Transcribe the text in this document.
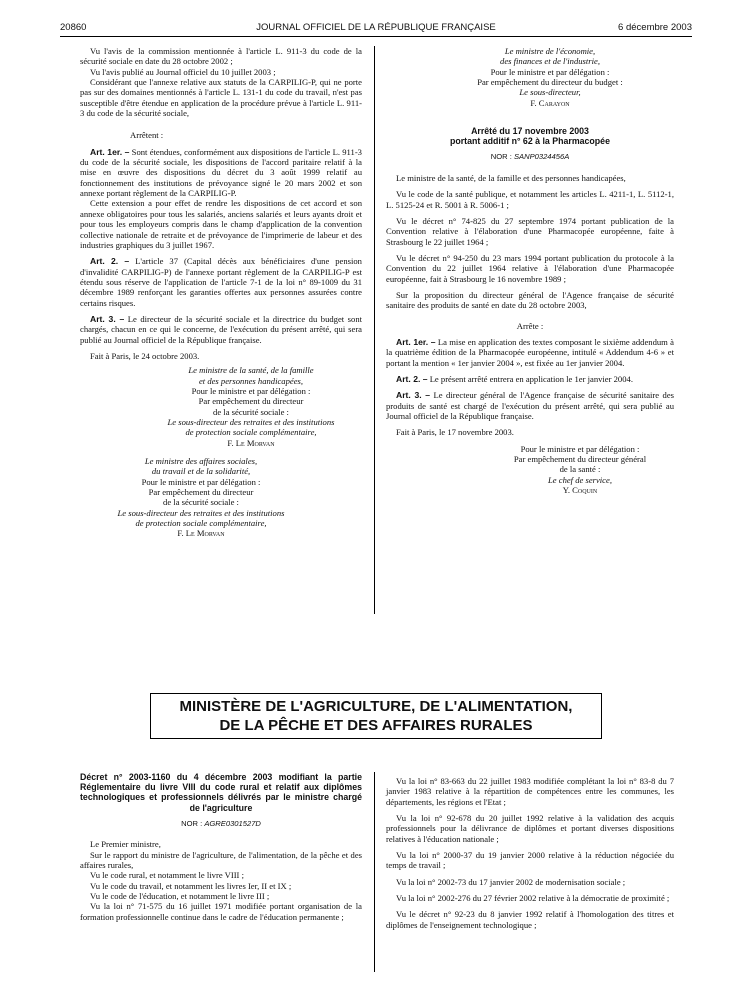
20860	JOURNAL OFFICIEL DE LA RÉPUBLIQUE FRANÇAISE	6 décembre 2003

Vu l'avis de la commission mentionnée à l'article L. 911-3 du code de la sécurité sociale en date du 28 octobre 2002 ;

Vu l'avis publié au Journal officiel du 10 juillet 2003 ;

Considérant que l'annexe relative aux statuts de la CARPILIG-P, qui ne porte pas sur des domaines mentionnés à l'article L. 131-1 du code du travail, n'est pas susceptible d'être étendue en application de la procédure prévue à l'article L. 911-3 du code de la sécurité sociale,

Arrêtent :

Art. 1er. – Sont étendues, conformément aux dispositions de l'article L. 911-3 du code de la sécurité sociale, les dispositions de l'accord paritaire relatif à la mise en œuvre des dispositions du décret du 3 août 1999 relatif au fonctionnement des institutions de prévoyance signé le 20 mars 2002 et son annexe portant règlement de la CARPILIG-P.

Cette extension a pour effet de rendre les dispositions de cet accord et son annexe obligatoires pour tous les salariés, anciens salariés et leurs ayants droit et pour tous les employeurs compris dans le champ d'application de la convention collective nationale de retraite et de prévoyance de l'imprimerie de labeur et des industries graphiques du 3 juillet 1967.

Art. 2. – L'article 37 (Capital décès aux bénéficiaires d'une pension d'invalidité CARPILIG-P) de l'annexe portant règlement de la CARPILIG-P est étendu sous réserve de l'application de l'article 7-1 de la loi n° 89-1009 du 31 décembre 1989 renforçant les garanties offertes aux personnes assurées contre certains risques.

Art. 3. – Le directeur de la sécurité sociale et la directrice du budget sont chargés, chacun en ce qui le concerne, de l'exécution du présent arrêté, qui sera publié au Journal officiel de la République française.

Fait à Paris, le 24 octobre 2003.

Le ministre de la santé, de la famille

et des personnes handicapées,

Pour le ministre et par délégation :

Par empêchement du directeur

de la sécurité sociale :

Le sous-directeur des retraites et des institutions

de protection sociale complémentaire,

F. Le Morvan

Le ministre des affaires sociales,

du travail et de la solidarité,

Pour le ministre et par délégation :

Par empêchement du directeur

de la sécurité sociale :

Le sous-directeur des retraites et des institutions

de protection sociale complémentaire,

F. Le Morvan

Le ministre de l'économie,

des finances et de l'industrie,

Pour le ministre et par délégation :

Par empêchement du directeur du budget :

Le sous-directeur,

F. Carayon

Arrêté du 17 novembre 2003

portant additif n° 62 à la Pharmacopée

NOR : SANP0324456A

Le ministre de la santé, de la famille et des personnes handicapées,

Vu le code de la santé publique, et notamment les articles L. 4211-1, L. 5112-1, L. 5125-24 et R. 5001 à R. 5006-1 ;

Vu le décret n° 74-825 du 27 septembre 1974 portant publication de la Convention relative à l'élaboration d'une Pharmacopée européenne, faite à Strasbourg le 22 juillet 1964 ;

Vu le décret n° 94-250 du 23 mars 1994 portant publication du protocole à la Convention du 22 juillet 1964 relative à l'élaboration d'une Pharmacopée européenne, fait à Strasbourg le 16 novembre 1989 ;

Sur la proposition du directeur général de l'Agence française de sécurité sanitaire des produits de santé en date du 28 octobre 2003,

Arrête :

Art. 1er. – La mise en application des textes composant le sixième addendum à la quatrième édition de la Pharmacopée européenne, intitulé « Addendum 4-6 » et portant la mention « 1er janvier 2004 », est fixée au 1er janvier 2004.

Art. 2. – Le présent arrêté entrera en application le 1er janvier 2004.

Art. 3. – Le directeur général de l'Agence française de sécurité sanitaire des produits de santé est chargé de l'exécution du présent arrêté, qui sera publié au Journal officiel de la République française.

Fait à Paris, le 17 novembre 2003.

Pour le ministre et par délégation :

Par empêchement du directeur général

de la santé :

Le chef de service,

Y. Coquin

MINISTÈRE DE L'AGRICULTURE, DE L'ALIMENTATION,
DE LA PÊCHE ET DES AFFAIRES RURALES

Décret n° 2003-1160 du 4 décembre 2003 modifiant la partie Réglementaire du livre VIII du code rural et relatif aux diplômes technologiques et professionnels délivrés par le ministre chargé de l'agriculture

NOR : AGRE0301527D

Le Premier ministre,

Sur le rapport du ministre de l'agriculture, de l'alimentation, de la pêche et des affaires rurales,

Vu le code rural, et notamment le livre VIII ;

Vu le code du travail, et notamment les livres Ier, II et IX ;

Vu le code de l'éducation, et notamment le livre III ;

Vu la loi n° 71-575 du 16 juillet 1971 modifiée portant organisation de la formation professionnelle continue dans le cadre de l'éducation permanente ;

Vu la loi n° 83-663 du 22 juillet 1983 modifiée complétant la loi n° 83-8 du 7 janvier 1983 relative à la répartition de compétences entre les communes, les départements, les régions et l'Etat ;

Vu la loi n° 92-678 du 20 juillet 1992 relative à la validation des acquis professionnels pour la délivrance de diplômes et portant diverses dispositions relatives à l'éducation nationale ;

Vu la loi n° 2000-37 du 19 janvier 2000 relative à la réduction négociée du temps de travail ;

Vu la loi n° 2002-73 du 17 janvier 2002 de modernisation sociale ;

Vu la loi n° 2002-276 du 27 février 2002 relative à la démocratie de proximité ;

Vu le décret n° 92-23 du 8 janvier 1992 relatif à l'homologation des titres et diplômes de l'enseignement technologique ;
